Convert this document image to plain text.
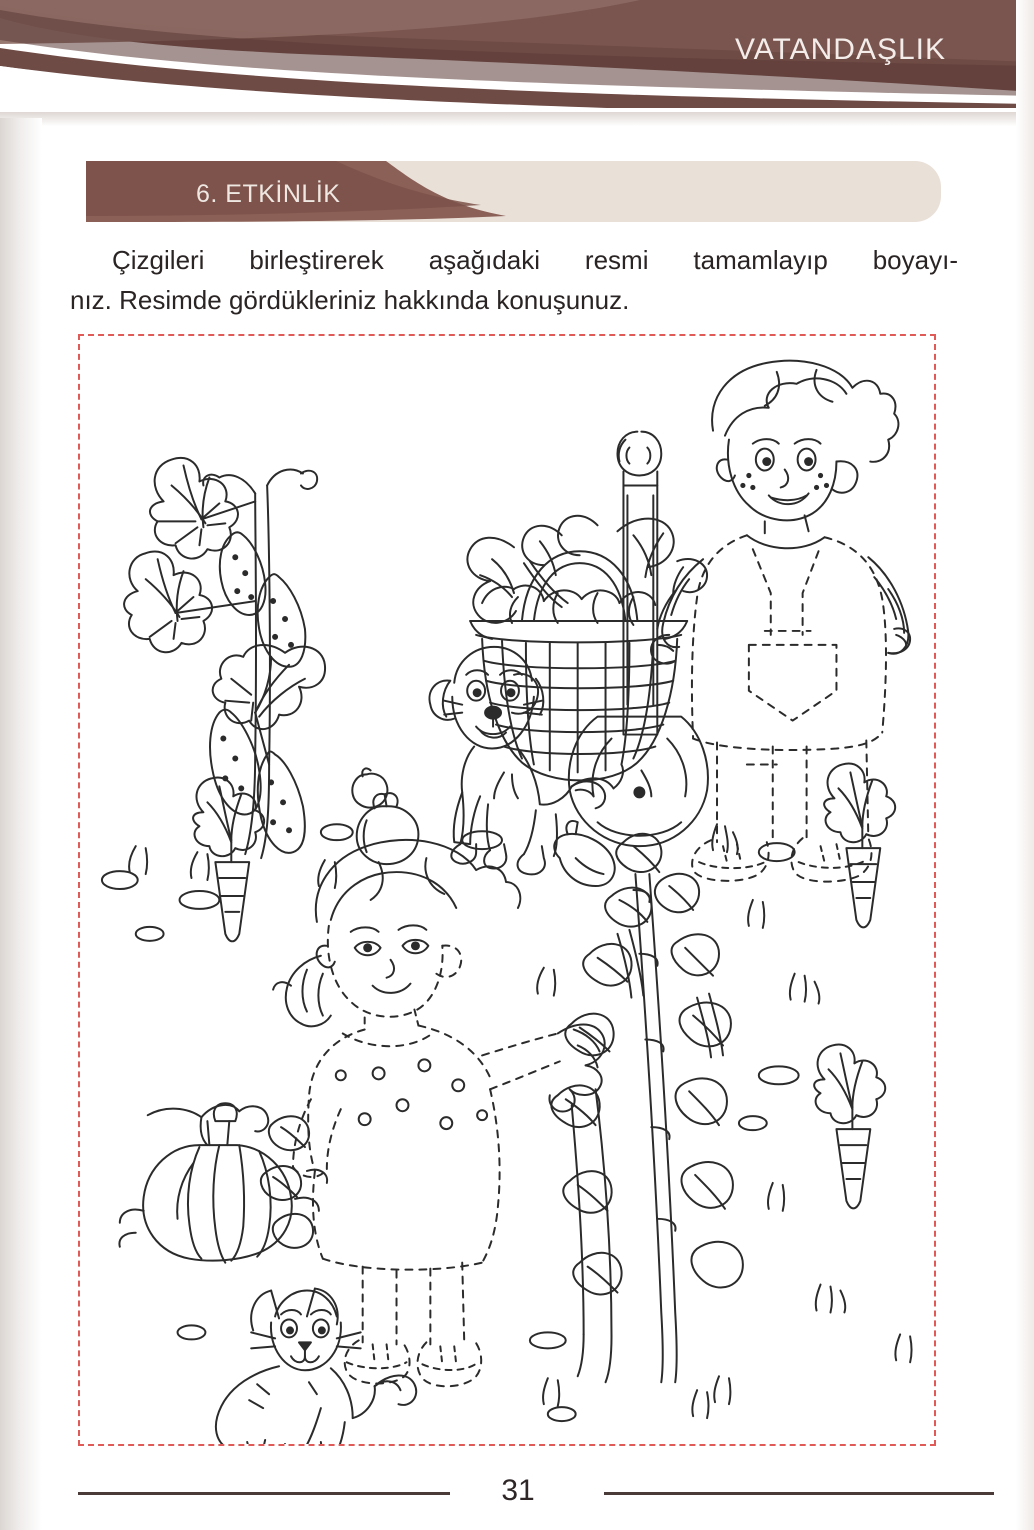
VATANDAŞLIK
6. ETKİNLİK
Çizgileri birleştirerek aşağıdaki resmi tamamlayıp boyayı-
nız. Resimde gördükleriniz hakkında konuşunuz.
31
